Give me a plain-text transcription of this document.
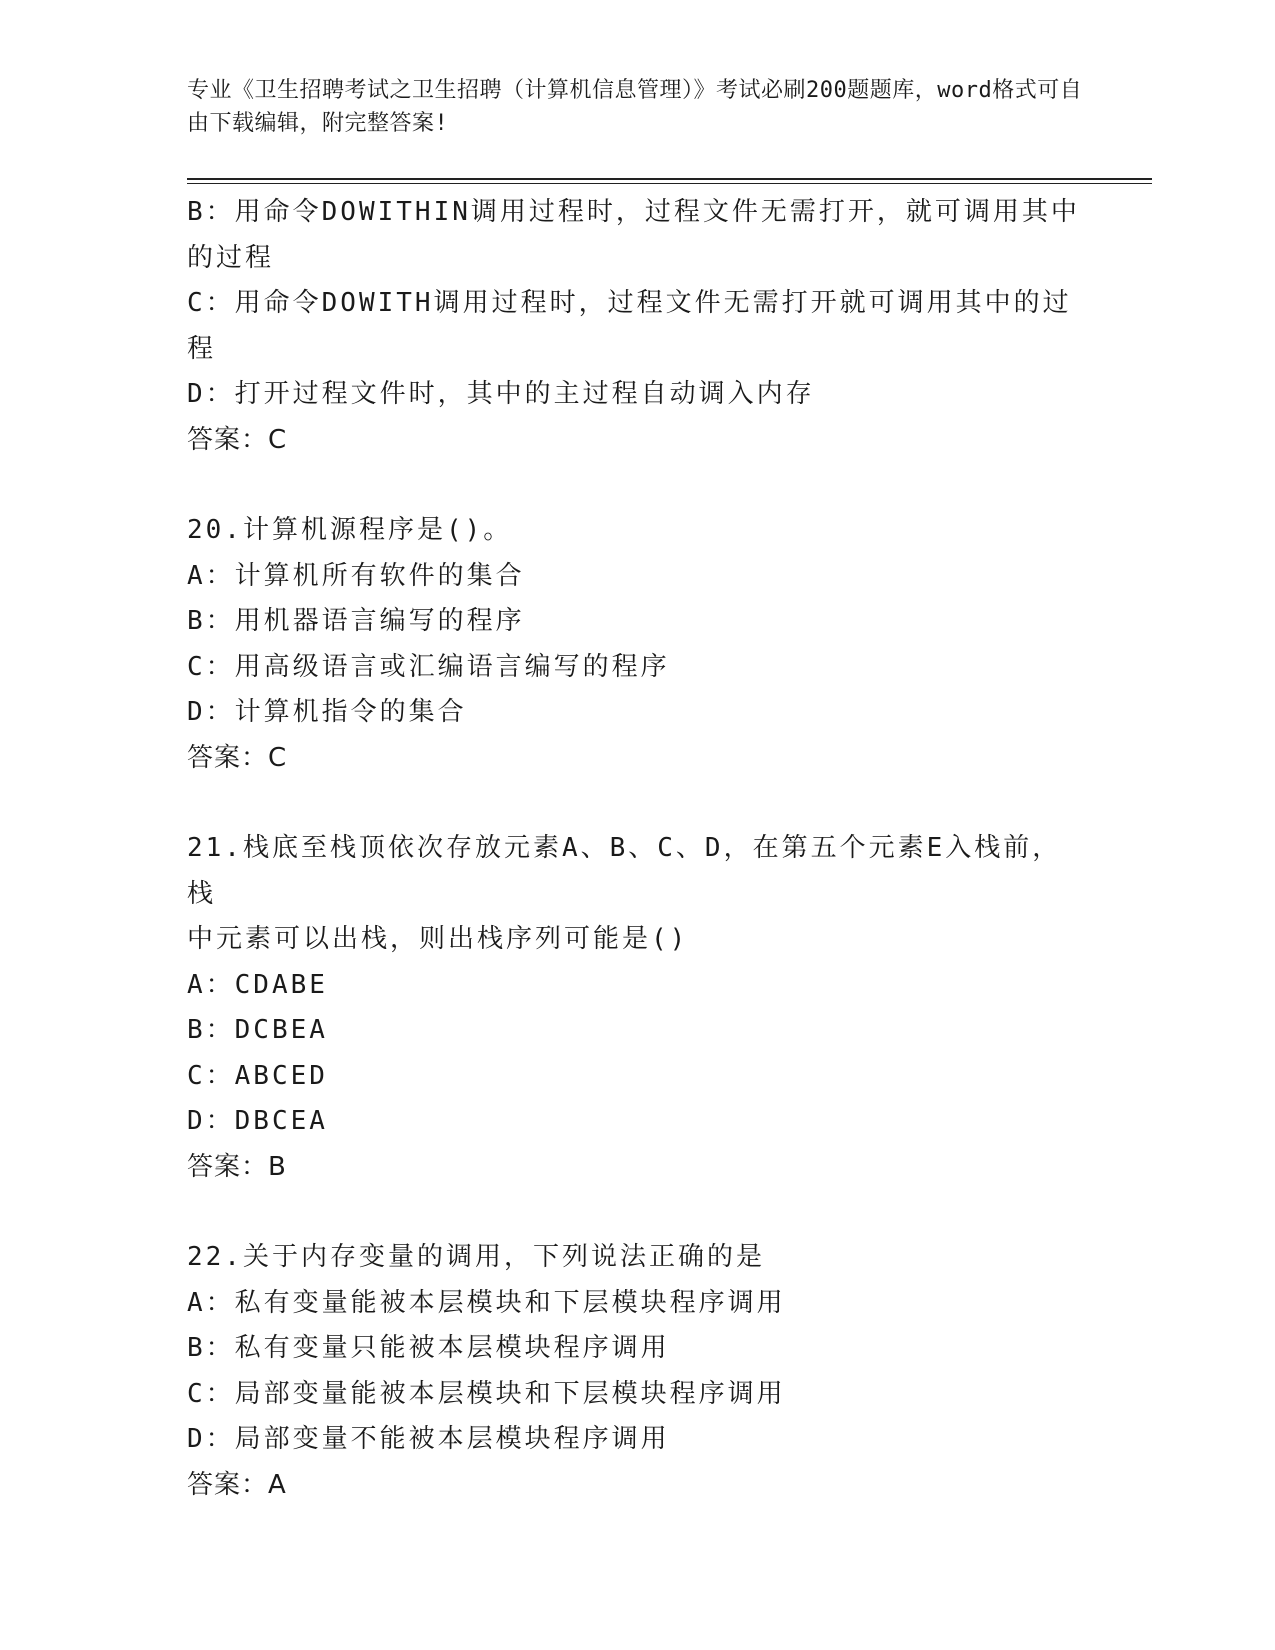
专业《卫生招聘考试之卫生招聘（计算机信息管理）》考试必刷200题题库，word格式可自由下载编辑，附完整答案!

B：用命令DOWITHIN调用过程时，过程文件无需打开，就可调用其中

的过程

C：用命令DOWITH调用过程时，过程文件无需打开就可调用其中的过

程

D：打开过程文件时，其中的主过程自动调入内存

答案：C

20.计算机源程序是()。

A：计算机所有软件的集合

B：用机器语言编写的程序

C：用高级语言或汇编语言编写的程序

D：计算机指令的集合

答案：C

21.栈底至栈顶依次存放元素A、B、C、D，在第五个元素E入栈前，栈

中元素可以出栈，则出栈序列可能是()

A：CDABE

B：DCBEA

C：ABCED

D：DBCEA

答案：B

22.关于内存变量的调用，下列说法正确的是

A：私有变量能被本层模块和下层模块程序调用

B：私有变量只能被本层模块程序调用

C：局部变量能被本层模块和下层模块程序调用

D：局部变量不能被本层模块程序调用

答案：A
